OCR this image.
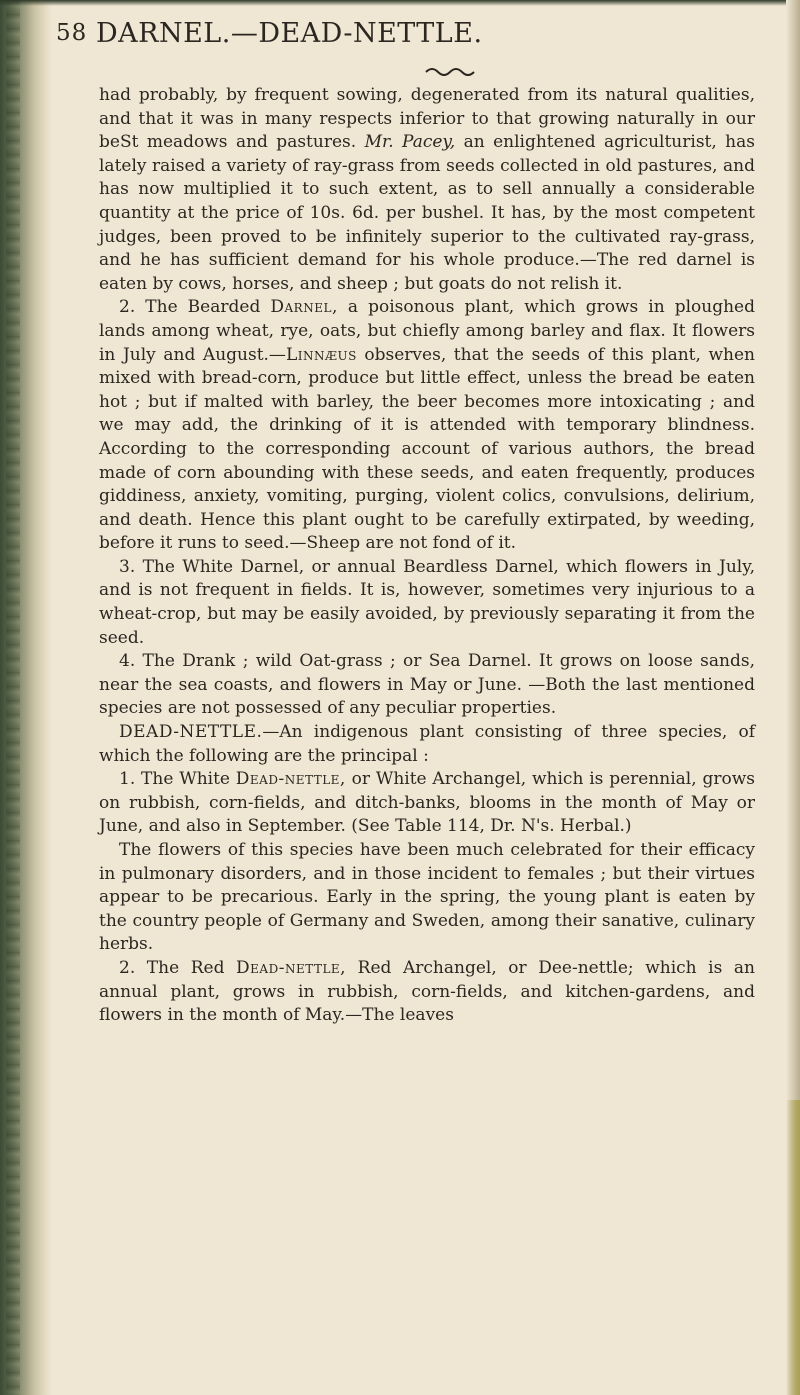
58 DARNEL.—DEAD-NETTLE.

had probably, by frequent sowing, degenerated from its natural qualities, and that it was in many respects inferior to that growing naturally in our beSt meadows and pastures. Mr. Pacey, an enlightened agriculturist, has lately raised a variety of ray-grass from seeds collected in old pastures, and has now multiplied it to such extent, as to sell annually a considerable quantity at the price of 10s. 6d. per bushel. It has, by the most competent judges, been proved to be infinitely superior to the cultivated ray-grass, and he has sufficient demand for his whole produce.—The red darnel is eaten by cows, horses, and sheep ; but goats do not relish it.

2. The Bearded Darnel, a poisonous plant, which grows in ploughed lands among wheat, rye, oats, but chiefly among barley and flax. It flowers in July and August.—Linnæus observes, that the seeds of this plant, when mixed with bread-corn, produce but little effect, unless the bread be eaten hot ; but if malted with barley, the beer becomes more intoxicating ; and we may add, the drinking of it is attended with temporary blindness. According to the corresponding account of various authors, the bread made of corn abounding with these seeds, and eaten frequently, produces giddiness, anxiety, vomiting, purging, violent colics, convulsions, delirium, and death. Hence this plant ought to be carefully extirpated, by weeding, before it runs to seed.—Sheep are not fond of it.

3. The White Darnel, or annual Beardless Darnel, which flowers in July, and is not frequent in fields. It is, however, sometimes very injurious to a wheat-crop, but may be easily avoided, by previously separating it from the seed.

4. The Drank ; wild Oat-grass ; or Sea Darnel. It grows on loose sands, near the sea coasts, and flowers in May or June. —Both the last mentioned species are not possessed of any peculiar properties.

DEAD-NETTLE.—An indigenous plant consisting of three species, of which the following are the principal :

1. The White Dead-nettle, or White Archangel, which is perennial, grows on rubbish, corn-fields, and ditch-banks, blooms in the month of May or June, and also in September. (See Table 114, Dr. N's. Herbal.)

The flowers of this species have been much celebrated for their efficacy in pulmonary disorders, and in those incident to females ; but their virtues appear to be precarious. Early in the spring, the young plant is eaten by the country people of Germany and Sweden, among their sanative, culinary herbs.

2. The Red Dead-nettle, Red Archangel, or Dee-nettle; which is an annual plant, grows in rubbish, corn-fields, and kitchen-gardens, and flowers in the month of May.—The leaves
